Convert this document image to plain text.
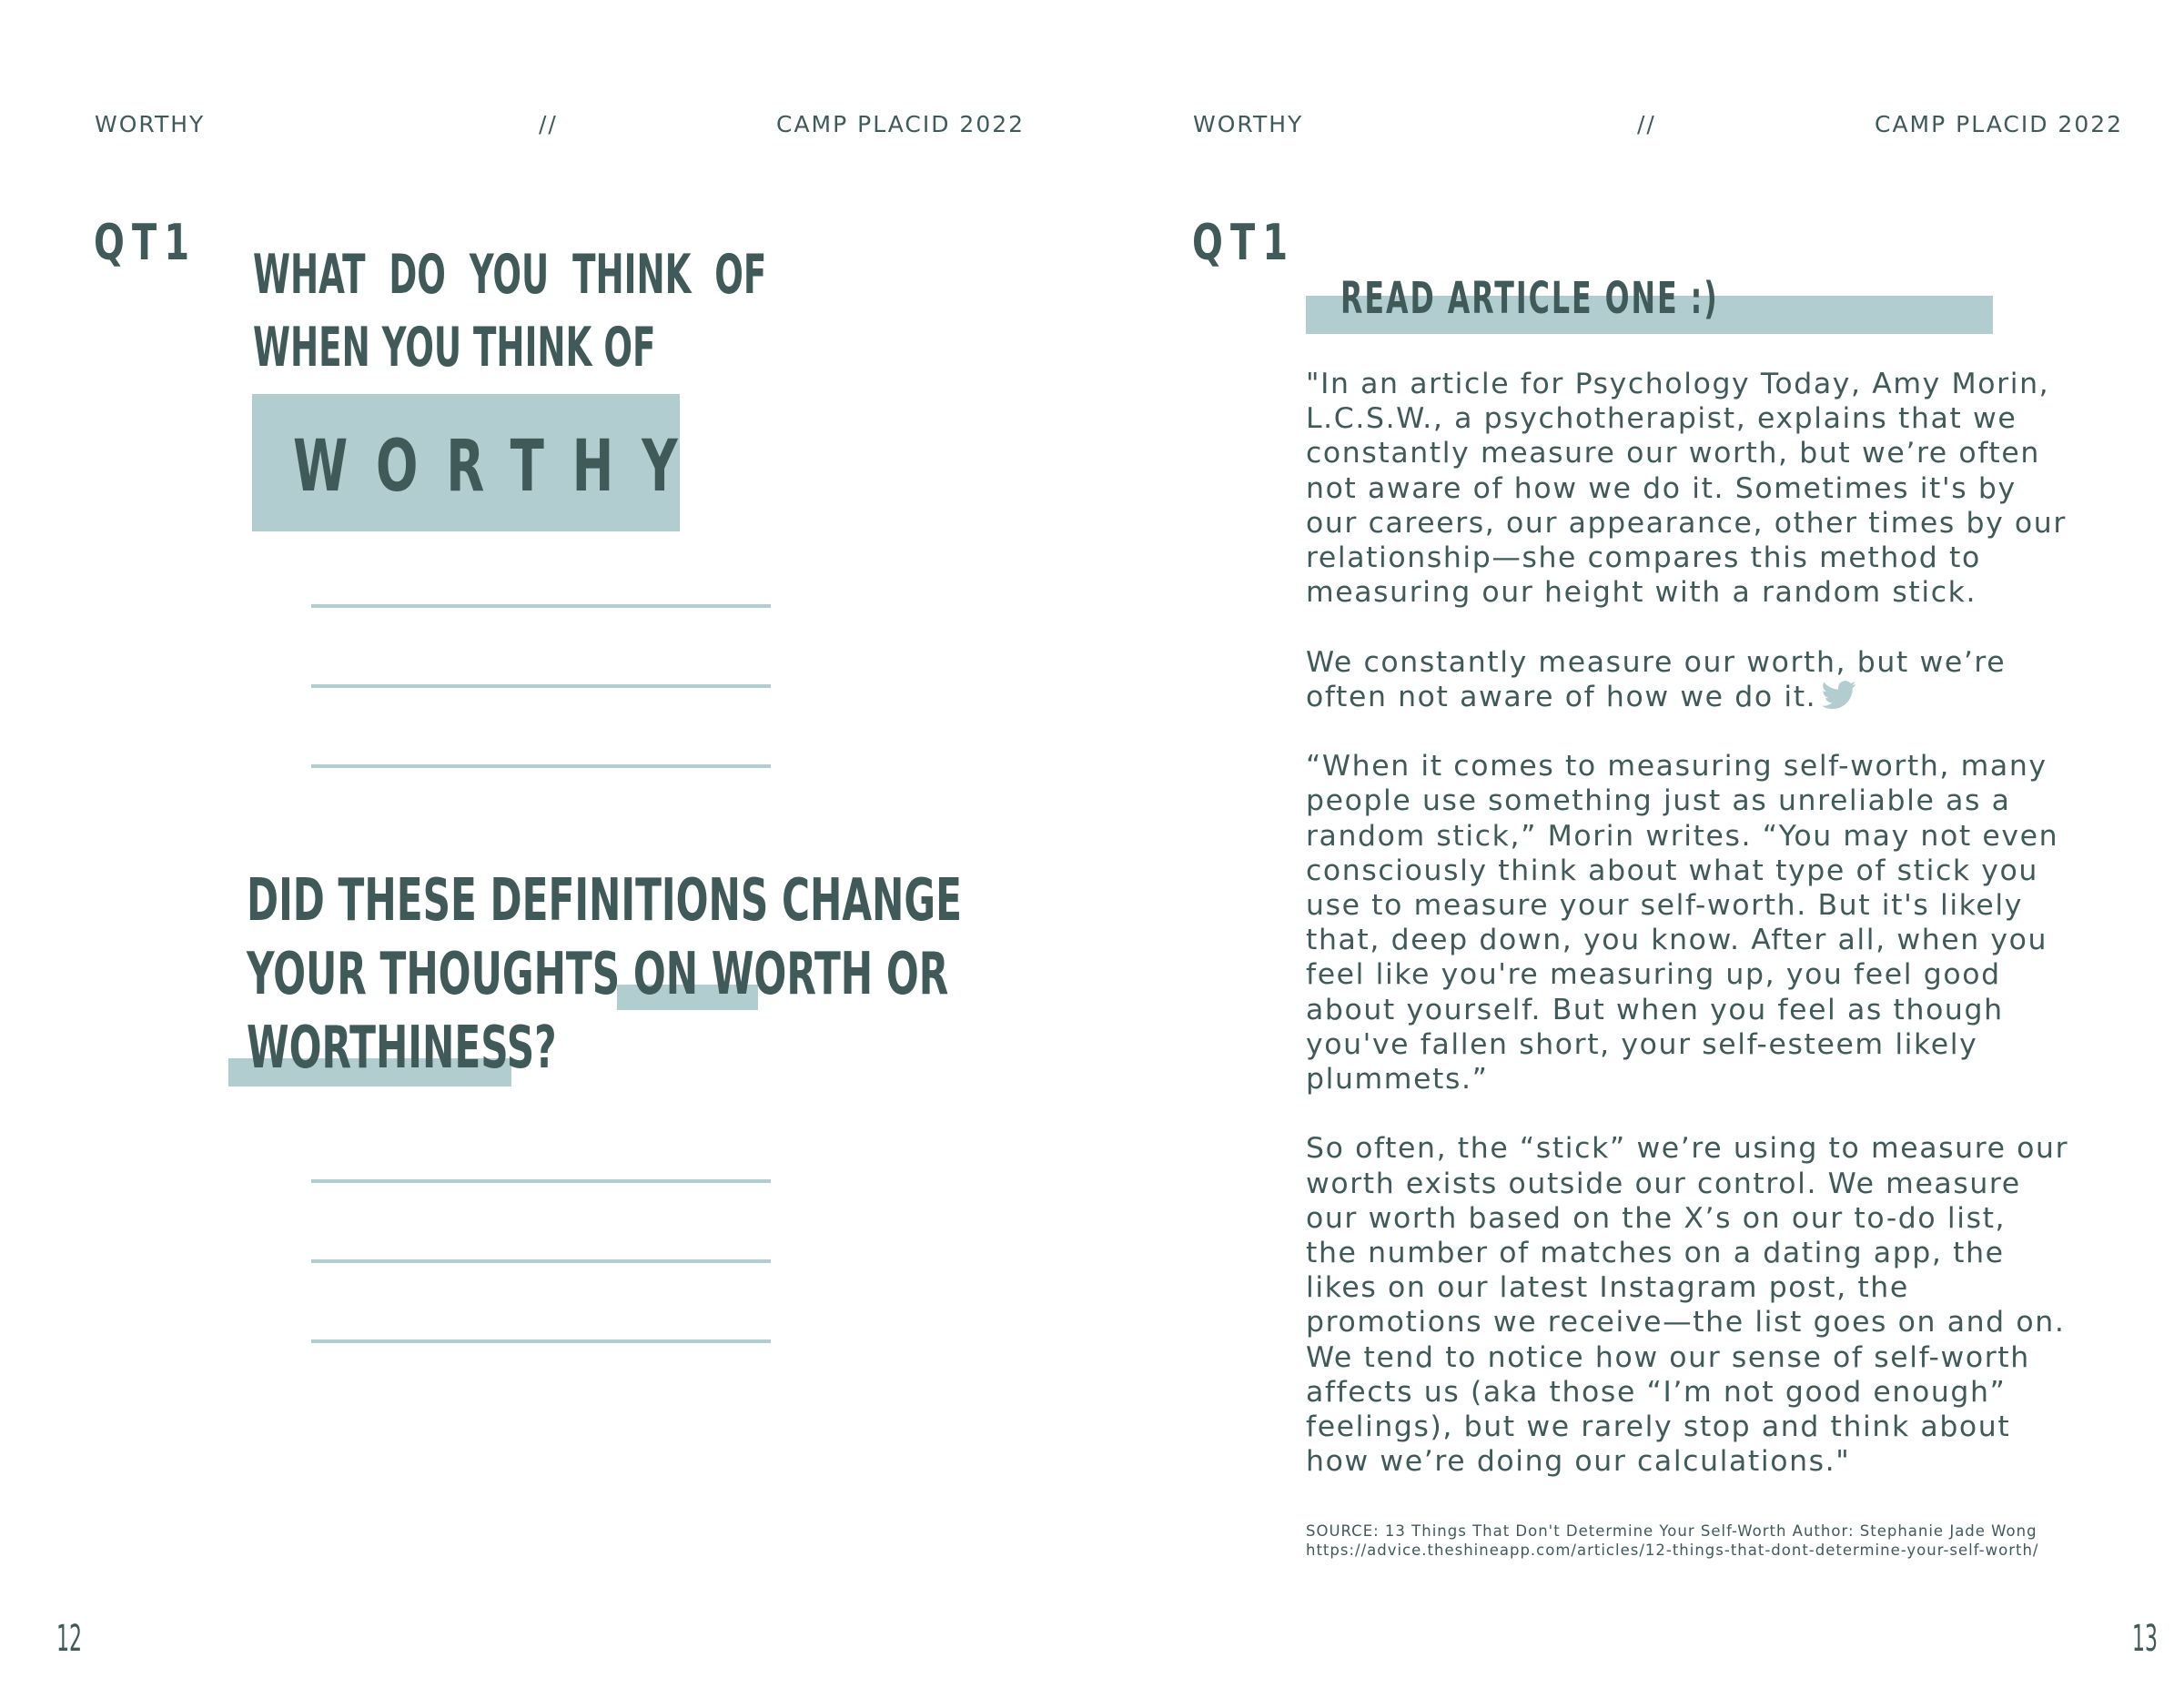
WORTHY	//	CAMP PLACID 2022
QT1
WHAT  DO  YOU  THINK  OF
WHEN YOU THINK OF
WORTHY
DID THESE DEFINITIONS CHANGE
YOUR THOUGHTS ON WORTH OR
WORTHINESS?
12
WORTHY	//	CAMP PLACID 2022
QT1
READ ARTICLE ONE :)
"In an article for Psychology Today, Amy Morin,
L.C.S.W., a psychotherapist, explains that we
constantly measure our worth, but we’re often
not aware of how we do it. Sometimes it's by
our careers, our appearance, other times by our
relationship—she compares this method to
measuring our height with a random stick.
We constantly measure our worth, but we’re
often not aware of how we do it.
“When it comes to measuring self-worth, many
people use something just as unreliable as a
random stick,” Morin writes. “You may not even
consciously think about what type of stick you
use to measure your self-worth. But it's likely
that, deep down, you know. After all, when you
feel like you're measuring up, you feel good
about yourself. But when you feel as though
you've fallen short, your self-esteem likely
plummets.”
So often, the “stick” we’re using to measure our
worth exists outside our control. We measure
our worth based on the X’s on our to-do list,
the number of matches on a dating app, the
likes on our latest Instagram post, the
promotions we receive—the list goes on and on.
We tend to notice how our sense of self-worth
affects us (aka those “I’m not good enough”
feelings), but we rarely stop and think about
how we’re doing our calculations."
SOURCE: 13 Things That Don't Determine Your Self-Worth Author: Stephanie Jade Wong
https://advice.theshineapp.com/articles/12-things-that-dont-determine-your-self-worth/
13
